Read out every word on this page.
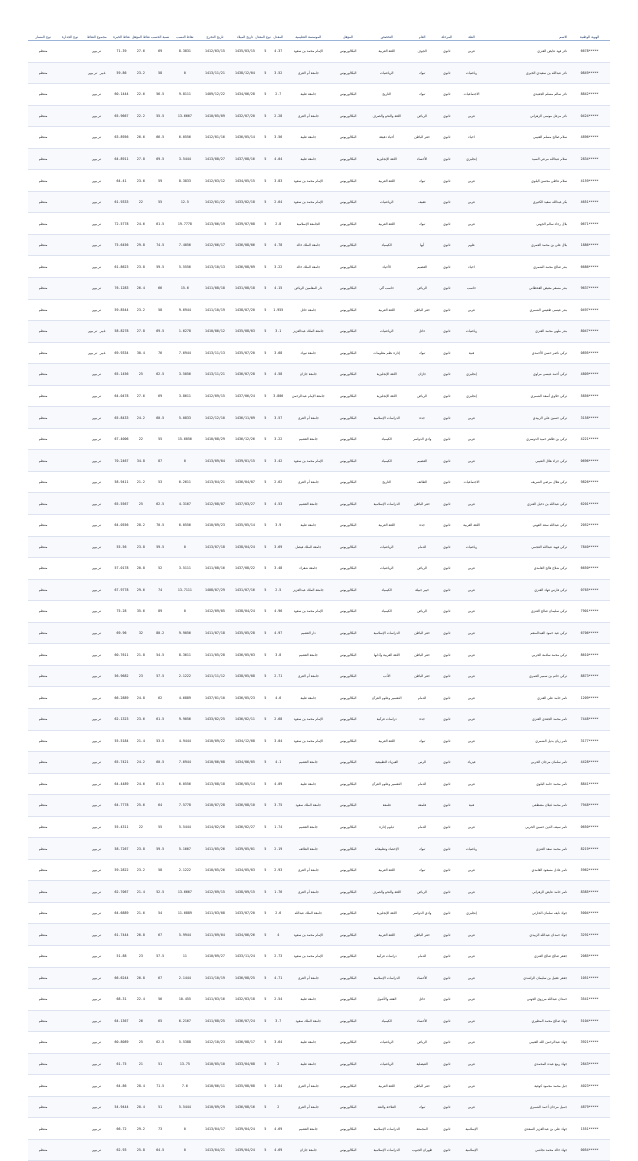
الهوية الوطنية	الاسم	الفئة	المرحلة	العام	التخصص	المؤهل	الموسسة التعليمية	المعدل	نوع المعدل	تاريخ الميلاد	تاريخ التخرج	نقاط النسب	نسبة الحسب	نقاط المؤهل	نقاط الخبرة	مجموع النقاط	نوع الجدارة	نوع المسار
*****6678	نادر فهد عايض العنزي	عربي	ثانوي	الجوف	اللغة العربية	البكالوريوس	الإمام محمد بن سعود	4.37	5	1435/03/15	1412/03/15	8.3831	69	27.6	71.39	تربوي		منتظم
*****0849	نادر عبدالله بن سعيدي الخيري	رياضيات	ثانوي	تبوك	الرياضيات	البكالوريوس	جامعة أم القرى	3.52	5	1438/12/04	1413/11/21	0	58	23.2	59.86	غير تربوي		منتظم
*****8842	نادر سالم مسلم الجعيدي	الاجتماعيات	ثانوي	تبوك	التاريخ	البكالوريوس	جامعة طيبة	2.7	5	1434/06/28	1409/12/22	9.8111	56.5	22.6	60.1444	تربوي		منتظم
*****0424	نادر مزعل موسى الزهراني	عربي	ثانوي	الرياض	اللغة والنحو والصرف	البكالوريوس	جامعة أم القرى	2.28	5	1432/07/20	1410/05/09	13.6667	55.5	22.2	65.9667	تربوي		منتظم
*****4896	سلام صالح مسلم العتيبي	احياء	ثانوي	حفر الباطن	أحياء دقيقة	البكالوريوس	جامعة طيبة	3.56	5	1436/05/14	1412/01/16	6.0556	66.5	26.6	63.8956	تربوي		منتظم
*****2834	سلام عبدالله مرعي السيد	إنجليزي	ثانوي	الأحساء	اللغة الإنجليزية	البكالوريوس	جامعة طيبة	4.04	5	1437/08/16	1413/08/27	3.5444	69.5	27.8	64.8911	تربوي		منتظم
*****4159	سلام عاطي محسن البلوي	عربي	ثانوي	تبوك	اللغة العربية	البكالوريوس	الإمام محمد بن سعود	3.83	5	1434/05/15	1412/03/12	8.3833	59	23.6	64.41	تربوي		منتظم
*****4651	بكر عبدالله سعيد الكثيري	عربي	ثانوي	عفيف	الرياضيات	البكالوريوس	الإمام محمد بن سعود	2.64	5	1433/02/18	1412/01/22	12.5	55	22	61.9333	تربوي		منتظم
*****0671	بلال رجاء سالم الجهني	عربي	ثانوي	تبوك	اللغة العربية	البكالوريوس	الجامعة الإسلامية	2.8	5	1439/07/08	1413/06/19	19.7778	61.5	24.6	72.5778	تربوي		منتظم
*****1886	بلال علي بن محمد العمري	علوم	ثانوي	أبها	الكيمياء	البكالوريوس	جامعة الملك خالد	4.78	5	1436/08/06	1412/06/17	7.4056	74.5	29.8	75.6456	تربوي		منتظم
*****6686	بندر صالح محمد الشمري	احياء	ثانوي	القصيم	الأحياء	البكالوريوس	جامعة الملك خالد	3.22	5	1436/08/09	1413/10/13	5.5556	59.5	23.8	61.8623	تربوي		منتظم
*****9637	بندر مسفر مفيض القحطاني	حاسب	ثانوي	الرياض	حاسب آلي	البكالوريوس	دار المعلمين الرياض	4.15	5	1431/08/18	1411/08/18	15.6	66	26.4	76.1283	تربوي		منتظم
*****0497	بندر عيسى طعيس الشمري	عربي	ثانوي	حفر الباطن	اللغة العربية	البكالوريوس	جامعة حائل	1.955	5	1438/07/20	1411/10/19	9.6944	58	23.2	59.8544	تربوي		منتظم
*****8047	بندر ملهي محمد العنزي	رياضيات	ثانوي	حائل	الرياضيات	البكالوريوس	جامعة الملك عبدالعزيز	3.1	5	1435/08/03	1410/06/12	1.6278	69.5	27.8	58.8278	غير تربوي		منتظم
*****0895	تركي ناصر حسن الأحمدي	فنية	ثانوي	تبوك	إدارة نظم معلومات	البكالوريوس	جامعة تبوك	3.68	5	1435/07/20	1413/11/13	7.6944	76	30.4	69.9334	غير تربوي		منتظم
*****4809	تركي أحمد عيسى مراوي	إنجليزي	ثانوي	جازان	اللغة الإنجليزية	البكالوريوس	جامعة جازان	4.58	5	1436/07/28	1413/11/21	3.5056	62.5	25	65.1456	تربوي		منتظم
*****5856	تركي خلاوي أسعد الشمري	إنجليزي	ثانوي	الرياض	اللغة الإنجليزية	البكالوريوس	جامعة الإمام عبدالرحمن	3.806	5	1437/06/24	1412/09/15	3.8611	69	27.6	64.0478	تربوي		منتظم
*****3158	تركي حسين علي الزبيدي	عربي	ثانوي	جدة	الدراسات الإسلامية	البكالوريوس	جامعة أم القرى	3.57	5	1436/11/09	1412/12/10	5.0833	60.5	24.2	65.8433	تربوي		منتظم
*****4221	تركي بن ظاهر حميد الدوسري	عربي	ثانوي	وادي الدواسر	الكيمياء	البكالوريوس	جامعة القصيم	3.22	5	1436/12/26	1410/08/29	15.6056	55	22	67.4006	تربوي		منتظم
*****0696	تركي جزاء هلال العتيبي	عربي	ثانوي	القصيم	الكيمياء	البكالوريوس	الإمام محمد بن سعود	3.42	5	1439/01/15	1413/09/04	0	87	34.8	70.2467	تربوي		منتظم
*****9826	تركي هلال مرضي الشريف	الاجتماعيات	ثانوي	الطائف	التاريخ	البكالوريوس	جامعة أم القرى	2.62	5	1436/04/07	1413/04/21	6.2611	53	21.2	58.9411	تربوي		منتظم
*****6201	تركي عبدالله بن دخيل العنزي	عربي	ثانوي	حفر الباطن	الدراسات الإسلامية	البكالوريوس	جامعة القصيم	4.53	5	1437/03/27	1412/08/07	4.3167	62.5	25	65.5567	تربوي		منتظم
*****2052	تركي عبدالله سعد العهني	اللغة العربية	ثانوي	جدة	اللغة العربية	البكالوريوس	جامعة طيبة	3.9	5	1435/05/14	1410/09/23	6.0556	70.5	28.2	64.0556	تربوي		منتظم
*****7840	تركي فهيد عبدالله العجمي	رياضيات	ثانوي	الدمام	الرياضيات	البكالوريوس	جامعة الملك فيصل	3.69	5	1438/04/24	1413/07/18	0	59.5	23.8	55.56	تربوي		منتظم
*****6650	تركي شلاح فالح الغامدي	عربي	ثانوي	الرياض	الرياضيات	البكالوريوس	جامعة شقراء	3.48	5	1437/08/22	1411/08/16	3.5111	52	20.8	57.0178	تربوي		منتظم
*****0765	تركي فارس فهاد العنزي	عربي	ثانوي	خيبر جبيلة	الكيمياء	البكالوريوس	جامعة الملك عبدالعزيز	2.5	5	1431/07/16	1408/07/29	13.7111	74	29.6	67.9778	تربوي		منتظم
*****7901	تركي سليمان صالح العنزي	عربي	ثانوي	الرياض	الكيمياء	البكالوريوس	الإمام محمد بن سعود	4.96	5	1438/04/24	1412/09/05	0	89	35.6	75.28	تربوي		منتظم
*****6706	تركي عيد حمود العبدالمنعم	عربي	ثانوي	حفر الباطن	الدراسات الإسلامية	البكالوريوس	دار القصيم	4.97	5	1435/05/28	1411/07/18	9.9056	80.2	32	69.96	تربوي		منتظم
*****8610	تركي محمد سلامة الحربي	عربي	ثانوي	حفر الباطن	اللغة العربية وآدابها	البكالوريوس	جامعة القصيم	3.8	5	1436/05/03	1411/05/28	8.3611	54.5	21.8	60.7611	تربوي		منتظم
*****8873	تركي حاتم بن سمير العمري	عربي	ثانوي	حفر الباطن	الأدب	البكالوريوس	جامعة أم القرى	2.71	5	1438/05/08	1411/11/12	2.1222	57.5	23	56.9682	تربوي		منتظم
*****1209	تامر حامد علي العنزي	عربي	ثانوي	الدمام	التفسير وعلوم القرآن	البكالوريوس	جامعة طيبة	4.6	5	1436/05/23	1437/01/10	4.6889	62	24.8	66.2889	تربوي		منتظم
*****7448	تامر محمد الجعدي العنزي	عربي	ثانوي	جدة	دراسات قرآنية	البكالوريوس	الإمام محمد بن سعود	2.68	5	1436/02/11	1433/02/25	9.9056	61.5	23.6	62.1323	تربوي		منتظم
*****3177	تامر زيان بديل الشمري	عربي	ثانوي	تبوك	اللغة العربية	البكالوريوس	الإمام محمد بن سعود	3.04	5	1434/12/08	1410/09/22	4.9444	53.5	21.4	55.5184	تربوي		منتظم
*****4428	تامر سلمان مرجان الحربي	فيزياء	ثانوي	الرس	الفيزياء التطبيقية	البكالوريوس	جامعة القصيم	4.1	5	1434/06/05	1410/06/08	7.6944	60.5	24.2	65.7421	تربوي		منتظم
*****8841	تامر محمد حامد البلوي	عربي	ثانوي	الدمام	التفسير وعلوم القرآن	البكالوريوس	جامعة طيبة	4.09	5	1436/05/14	1413/08/18	6.0556	61.5	24.6	64.4489	تربوي		منتظم
*****7948	تامر محمد غيلان مصطفى	فنية	ثانوي	قلمعة	قلمعة	البكالوريوس	جامعة الملك سعود	3.75	5	1436/08/10	1410/07/28	7.5778	64	25.6	64.7778	تربوي		منتظم
*****0650	تامر سيف الدين حسين الحربي	عربي	ثانوي	الدمام	دبلوم إدارة	البكالوريوس	جامعة القصيم	1.74	5	1436/02/27	1414/02/26	5.5444	55	22	55.4311	تربوي		منتظم
*****8219	تامر محمد سعد العنزي	رياضيات	ثانوي	تبوك	الإحصاء وتطبيقاته	البكالوريوس	جامعة الطائف	2.19	5	1439/05/01	1411/05/26	5.1667	59.5	23.8	58.7267	تربوي		منتظم
*****5962	تامر عادل مسعود الغامدي	عربي	ثانوي	تبوك	اللغة العربية	البكالوريوس	جامعة أم القرى	2.93	5	1434/05/03	1410/05/26	2.1222	58	23.2	59.2822	تربوي		منتظم
*****8385	تامر حامد عايض الزهراني	عربي	ثانوي	الرياض	اللغة والنحو والصرف	البكالوريوس	جامعة أم القرى	1.76	5	1438/09/15	1412/09/15	13.6667	52.5	21.4	62.7067	تربوي		منتظم
*****5004	جواد نايف سلمان الحارثي	إنجليزي	ثانوي	وادي الدواسر	اللغة الإنجليزية	البكالوريوس	جامعة الملك عبدالله	2.6	5	1433/07/20	1411/03/08	11.6889	54	21.6	64.6889	تربوي		منتظم
*****3291	جواد حمدان عبدالله الزبيدي	عربي	ثانوي	حفر الباطن	اللغة العربية	البكالوريوس	الإمام محمد بن سعود	4	5	1434/06/26	1411/09/04	5.9944	67	26.8	61.7444	تربوي		منتظم
*****2085	جعفر صالح صالح العنزي	عربي	ثانوي	الدمام	دراسات قرآنية	البكالوريوس	الإمام محمد بن سعود	2.73	5	1433/11/24	1410/09/27	11	57.5	23	51.88	تربوي		منتظم
*****1051	جعفر عقيل بن سليمان الراشدي	عربي	ثانوي	الأحساء	الدراسات الإسلامية	البكالوريوس	جامعة أم القرى	4.71	5	1436/08/25	1411/10/19	2.1444	67	26.8	66.6244	تربوي		منتظم
*****3541	حمدان عبدالله مرزوق الجهني	عربي	ثانوي	حائل	الفقه والأصول	البكالوريوس	جامعة طيبة	2.54	5	1432/03/18	1411/03/16	10.455	56	22.4	68.31	تربوي		منتظم
*****5104	جهاد صالح محمد المطيري	عربي	ثانوي	الأحساء	الكيمياء	البكالوريوس	جامعة الملك سعود	3.7	5	1436/07/24	1411/08/25	6.2167	65	26	64.1367	تربوي		منتظم
*****3921	جهاد عبدالرحمن الله العتيبي	عربي	ثانوي	الرياض	الرياضيات	البكالوريوس	جامعة طيبة	3.64	5	1436/08/17	1412/10/23	5.5388	62.5	25	60.8089	تربوي		منتظم
*****2843	جهاد ربيع عبده المحمدي	عربي	ثانوي	الفيصلية	الرياضيات	البكالوريوس	جامعة طيبة	2	5	1433/04/08	1410/05/10	13.75	51	21	61.75	تربوي		منتظم
*****4023	جبل محمد محمود كوفية	عربي	ثانوي	حفر الباطن	اللغة العربية	البكالوريوس	جامعة أم القرى	1.84	5	1435/08/08	1410/06/11	7.6	71.5	28.4	64.86	تربوي		منتظم
*****4879	جميل مرجان أحمد الشمري	عربي	ثانوي	تبوك	الفلاحة والنقد	البكالوريوس	جامعة أم القرى	2	5	1436/08/16	1410/09/29	5.5444	51	20.4	54.9444	تربوي		منتظم
*****1551	جهاد علي بن عبدالعزيز السعدي	الإسلامية	ثانوي	المجمعة	الدراسات الإسلامية	البكالوريوس	جامعة القصيم	4.69	5	1439/04/24	1413/04/17	0	73	29.2	66.72	تربوي		منتظم
*****0054	جهاد خالد محمد نجاشي	الإسلامية	ثانوي	ظهران الجنوب	الدراسات الإسلامية	البكالوريوس	جامعة جازان	4.69	5	1439/04/24	1413/04/21	0	64.5	25.8	62.93	تربوي		منتظم
